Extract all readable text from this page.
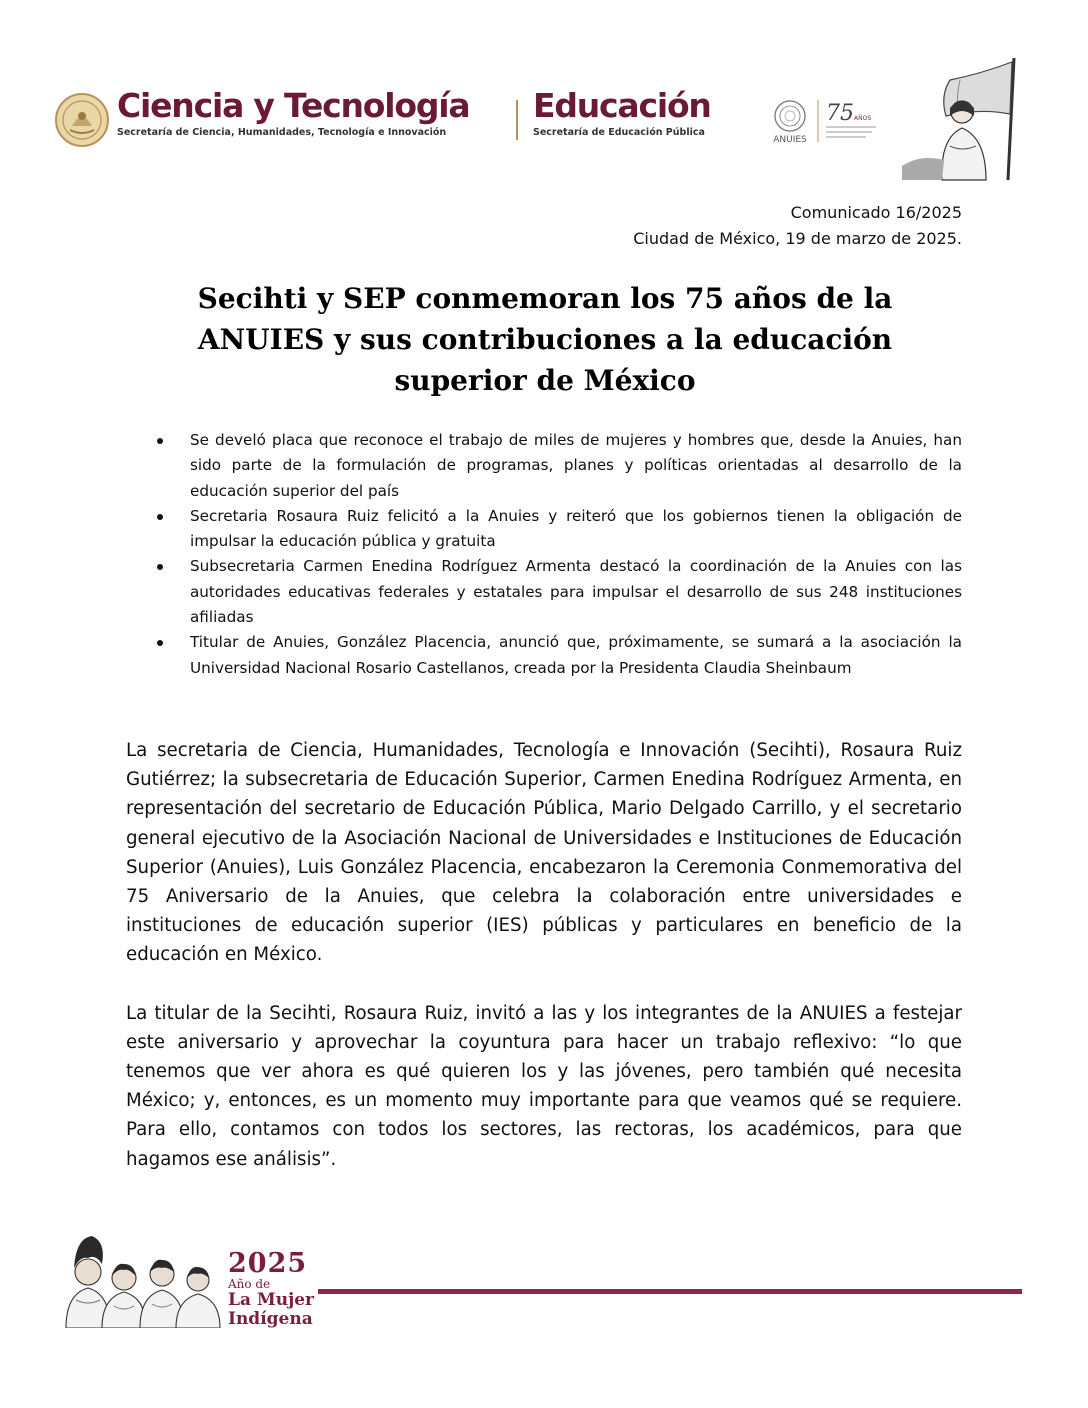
Ciencia y Tecnología
Secretaría de Ciencia, Humanidades, Tecnología e Innovación
Educación
Secretaría de Educación Pública
ANUIES
75 AÑOS
Comunicado 16/2025
Ciudad de México, 19 de marzo de 2025.
Secihti y SEP conmemoran los 75 años de la ANUIES y sus contribuciones a la educación superior de México
Se develó placa que reconoce el trabajo de miles de mujeres y hombres que, desde la Anuies, han sido parte de la formulación de programas, planes y políticas orientadas al desarrollo de la educación superior del país
Secretaria Rosaura Ruiz felicitó a la Anuies y reiteró que los gobiernos tienen la obligación de impulsar la educación pública y gratuita
Subsecretaria Carmen Enedina Rodríguez Armenta destacó la coordinación de la Anuies con las autoridades educativas federales y estatales para impulsar el desarrollo de sus 248 instituciones afiliadas
Titular de Anuies, González Placencia, anunció que, próximamente, se sumará a la asociación la Universidad Nacional Rosario Castellanos, creada por la Presidenta Claudia Sheinbaum

La secretaria de Ciencia, Humanidades, Tecnología e Innovación (Secihti), Rosaura Ruiz Gutiérrez; la subsecretaria de Educación Superior, Carmen Enedina Rodríguez Armenta, en representación del secretario de Educación Pública, Mario Delgado Carrillo, y el secretario general ejecutivo de la Asociación Nacional de Universidades e Instituciones de Educación Superior (Anuies), Luis González Placencia, encabezaron la Ceremonia Conmemorativa del 75 Aniversario de la Anuies, que celebra la colaboración entre universidades e instituciones de educación superior (IES) públicas y particulares en beneficio de la educación en México.

La titular de la Secihti, Rosaura Ruiz, invitó a las y los integrantes de la ANUIES a festejar este aniversario y aprovechar la coyuntura para hacer un trabajo reflexivo: “lo que tenemos que ver ahora es qué quieren los y las jóvenes, pero también qué necesita México; y, entonces, es un momento muy importante para que veamos qué se requiere. Para ello, contamos con todos los sectores, las rectoras, los académicos, para que hagamos ese análisis”.

2025
Año de
La Mujer
Indígena
